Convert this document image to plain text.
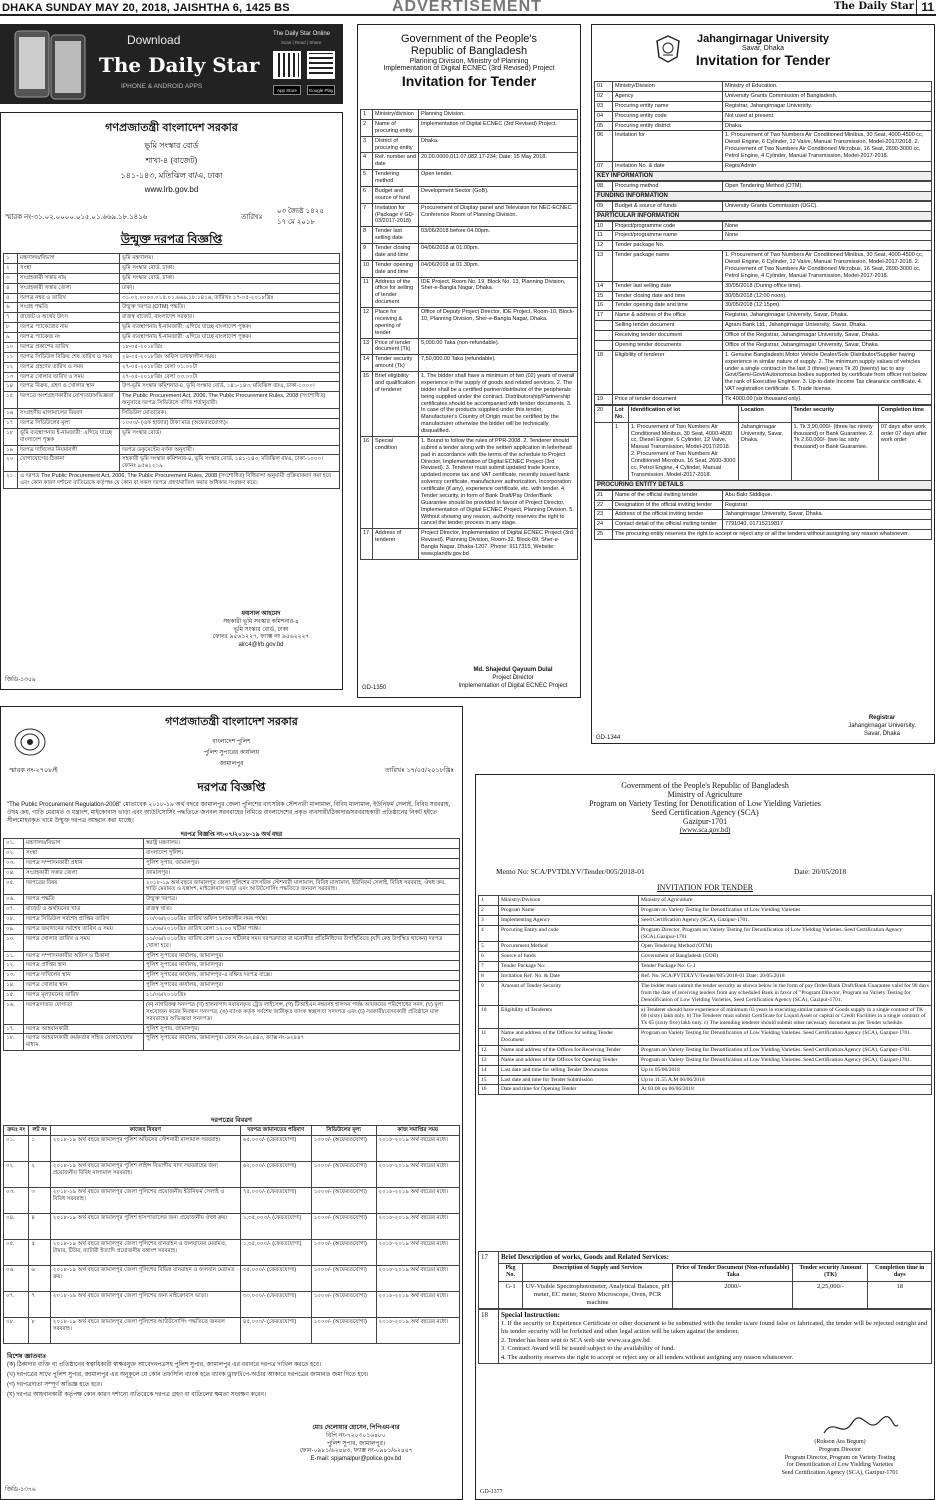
DHAKA SUNDAY MAY 20, 2018, JAISHTHA 6, 1425 BS	ADVERTISEMENT	The Daily Star 11
Download
The Daily Star
IPHONE & ANDROID APPS
The Daily Star Online
Scan | Read | Share
App Store	Google Play
গণপ্রজাতন্ত্রী বাংলাদেশ সরকার
ভূমি সংস্কার বোর্ড
শাখা-৪ (বাজেট)
১৪১-১৪৩, মতিঝিল বা/এ, ঢাকা
www.lrb.gov.bd
স্মারক নং-৩১.০২.০০০০.০১৫.০১.৬৬৯.১৮.১৪১৬	তারিখঃ
০৩ জ্যৈষ্ঠ ১৪২৫
১৭ মে ২০১৮
উন্মুক্ত দরপত্র বিজ্ঞপ্তি
১	মন্ত্রণালয়/বিভাগ	ভূমি মন্ত্রণালয়।
২	সংস্থা	ভূমি সংস্কার বোর্ড, ঢাকা।
৩	সংগ্রহকারী সত্তার নাম	ভূমি সংস্কার বোর্ড, ঢাকা।
৪	সংগ্রহকারী সত্তার জেলা	ঢাকা।
৫	দরপত্র নম্বর ও তারিখ	৩১.০২.০০০০.০১৫.০১.৬৬৯.১৮.১৪১৬, তারিখঃ ১৭-০৫-২০১৮খ্রিঃ
৬	সংগ্রহ পদ্ধতি	উন্মুক্ত দরপত্র (OTM) পদ্ধতি।
৭	বাজেট ও অর্থের উৎস	রাজস্ব বাজেট, বাংলাদেশ সরকার।
৮	দরপত্র প্যাকেজের নাম	ভূমি ব্যবস্থাপনায় ই-নামজারী: এগিয়ে যাচ্ছে বাংলাদেশ পুস্তক।
৯	দরপত্র প্যাকেজ নং	ভূমি ব্যবস্থাপনায় ই-নামজারী: এগিয়ে যাচ্ছে বাংলাদেশ পুস্তক।
১০	দরপত্র প্রকাশের তারিখ	১৮-০৫-২০১৮খ্রিঃ
১১	দরপত্র সিডিউল বিক্রির শেষ তারিখ ও সময়	২৪-০৫-২০১৮খ্রিঃ অফিস চলাকালীন সময়।
১২	দরপত্র গ্রহণের তারিখ ও সময়	২৭-০৫-২০১৮খ্রিঃ বেলা ০১.০০টা
১৩	দরপত্র খোলার তারিখ ও সময়	২৭-০৫-২০১৮খ্রিঃ বেলা ০৩.০০টা
১৪	দরপত্র বিক্রয়, গ্রহণ ও খোলার স্থান	উপ-ভূমি সংস্কার কমিশনার-৪, ভূমি সংস্কার বোর্ড, ১৪১-১৪৩, মতিঝিল বা/এ, ঢাকা-১০০০।
১৫	দরপত্রে অংশগ্রহণকারীর যোগ্যতা/অভিজ্ঞতা	The Public Procurement Act, 2006, The Public Procurement Rules, 2008 (সংশোধিত) অনুসারে দরপত্র সিডিউলে বর্ণিত শর্তানুযায়ী।
১৬	সংগ্রহণীয় মালামালের বিবরণ	সিডিউল মোতাবেক।
১৭	দরপত্র সিডিউলের মূল্য	১০০০/- (এক হাজার) টাকা মাত্র (অফেরতযোগ্য)।
১৮	ভূমি ব্যবস্থাপনায় ই-নামজারী: এগিয়ে যাচ্ছে বাংলাদেশ পুস্তক	ভূমি সংস্কার বোর্ড।
১৯	দরপত্র দাখিলের নিয়মাবলী	দরপত্র ডকুমেন্টের বর্ণনা অনুযায়ী।
২০	যোগাযোগের ঠিকানা	সহকারী ভূমি সংস্কার কমিশনার-৪, ভূমি সংস্কার বোর্ড, ১৪১-১৪৩, মতিঝিল বা/এ, ঢাকা-১০০০। ফোনঃ ৯৫৬১২১৯
২১	এ দরপত্র The Public Procurement Act, 2006, The Public Procurement Rules, 2008 (সংশোধিত) বিধিমালা অনুযায়ী প্রক্রিয়াকরণ করা হবে এবং কোন কারণ দর্শানো ব্যতিরেকে কর্তৃপক্ষ যে কোন বা সকল দরপত্র গ্রহণ/বাতিল করার অধিকার সংরক্ষণ করে।	
ফয়সাল আহমেদ
সহকারী ভূমি সংস্কার কমিশনার-৪
ভূমি সংস্কার বোর্ড, ঢাকা
ফোনঃ ৯৫৬১২২৭, ফ্যাক্স নং ৯৫৬২২২৭
alrc4@lrb.gov.bd
জিডি-১৩৫৯
Government of the People's
Republic of Bangladesh
Planning Division, Ministry of Planning
Implementation of Digital ECNEC (3rd Revised) Project
Invitation for Tender
1	Ministry/division	Planning Division.
2	Name of procuring entity	Implementation of Digital ECNEC (3rd Revised) Project.
3	District of procuring entity	Dhaka.
4	Ref. number and date	20.00.0000.011.07.082.17-234; Date: 15 May 2018.
5	Tendering method	Open tender.
6	Budget and source of fund	Development Sector (GoB).
7	Invitation for (Package # GD-03/2017-2018)	Procurement of Display panel and Television for NEC-ECNEC Conference Room of Planning Division.
8	Tender last selling date	03/06/2018 before 04.00pm.
9	Tender closing date and time	04/06/2018 at 01.00pm.
10	Tender opening date and time	04/06/2018 at 01.30pm.
11	Address of the office for selling of tender document	IDE Project, Room No. 19, Block No. 13, Planning Division, Sher-e-Bangla Nagar, Dhaka.
12	Place for receiving & opening of tender	Office of Deputy Project Director, IDE Project, Room-10, Block-10, Planning Division, Sher-e-Bangla Nagar, Dhaka.
13	Price of tender document (Tk)	5,000.00 Taka (non-refundable).
14	Tender security amount (Tk)	7,50,000.00 Taka (refundable).
15	Brief eligibility and qualification of tenderer	1. The bidder shall have a minimum of two (02) years of overall experience in the supply of goods and related services. 2. The bidder shall be a certified partner/distributor of the peripherals being supplied under the contract. Distributorship/Partnership certificates should be accompanied with tender documents. 3. In case of the products supplied under this tender, Manufacturer's Country of Origin must be certified by the manufacturer otherwise the bidder will be technically disqualified.
16	Special condition	1. Bound to follow the rules of PPR-2008. 2. Tenderer should submit a tender along with the written application in letterhead pad in accordance with the terms of the schedule to Project Director, Implementation of Digital ECNEC Project (3rd Revised). 3. Tenderer must submit updated trade licence, updated income tax and VAT certificate, recently issued bank solvency certificate, manufacturer authorization, Incorporation certificate (if any), experience certificate, etc. with tender. 4. Tender security, in form of Bank Draft/Pay Order/Bank Guarantee should be provided in favour of Project Director, Implementation of Digital ECNEC Project, Planning Division. 5. Without showing any reason, authority reserves the right to cancel the tender process in any stage.
17	Address of tenderer	Project Director, Implementation of Digital ECNEC Project (3rd Revised), Planning Division, Room-32, Block-09, Sher-e-Bangla Nagar, Dhaka-1207. Phone: 9117315, Website: www.plandiv.gov.bd
Md. Shajedul Qayuum Dulal
Project Director
Implementation of Digital ECNEC Project
GD-1350
Jahangirnagar University
Savar, Dhaka
Invitation for Tender
01	Ministry/Division	Ministry of Education.
02	Agency	University Grants Commission of Bangladesh.
03	Procuring entity name	Registrar, Jahangirnagar University.
04	Procuring entity code	Not used at present.
05	Procuring entity district	Dhaka.
06	Invitation for	1. Procurement of Two Numbers Air Conditioned Minibus, 30 Seat, 4000-4500 cc, Diesel Engine, 6 Cylinder, 12 Valve, Manual Transmission, Model-2017/2018. 2. Procurement of Two Numbers Air Conditioned Microbus, 16 Seat, 2600-3000 cc, Petrol Engine, 4 Cylinder, Manual Transmission, Model-2017-2018.
07	Invitation No. & date	Regis/Admin
KEY INFORMATION
08	Procuring method	Open Tendering Method (OTM).
FUNDING INFORMATION
09	Budget & source of funds	University Grants Commission (UGC).
PARTICULAR INFORMATION
10	Project/programme code	None
11	Project/programme name	None
12	Tender package No.	
13	Tender package name	1. Procurement of Two Numbers Air Conditioned Minibus, 30 Seat, 4000-4500 cc, Diesel Engine, 6 Cylinder, 12 Valve, Manual Transmission, Model-2017-2018. 2. Procurement of Two Numbers Air Conditioned Microbus, 16 Seat, 2600-3000 cc, Petrol Engine, 4 Cylinder, Manual Transmission, Model-2017-2018.
14	Tender last selling date	30/05/2018 (During office time).
15	Tender closing date and time	30/05/2018 (12:00 noon).
16	Tender opening date and time	30/05/2018 (12:15pm).
17	Name & address of the office	Registrar, Jahangirnagar University, Savar, Dhaka.
	Selling tender document	Agrani Bank Ltd., Jahangirnagar University, Savar, Dhaka.
	Receiving tender document	Office of the Registrar, Jahangirnagar University, Savar, Dhaka.
	Opening tender documents	Office of the Registrar, Jahangirnagar University, Savar, Dhaka.
18	Eligibility of tenderer	1. Genuine Bangladeshi Motor Vehicle Dealer/Sole Distributor/Supplier having experience in similar nature of supply. 2. The minimum supply values of vehicles under a single contract in the last 3 (three) years Tk 20 (twenty) lac to any Govt/Semi-Govt/Autonomous bodies supported by certificate from officer not below the rank of Executive Engineer. 3. Up-to-date Income Tax clearance certificate. 4. VAT registration certificate. 5. Trade license.
19	Price of tender document	Tk 4000.00 (six thousand only).
20	Lot No.	Identification of lot	Location	Tender security	Completion time
	1	1. Procurement of Two Numbers Air Conditioned Minibus, 30 Seat, 4000-4500 cc, Diesel Engine, 6 Cylinder, 12 Valve, Manual Transmission, Model-2017/2018. 2. Procurement of Two Numbers Air Conditioned Microbus, 16 Seat, 2600-3000 cc, Petrol Engine, 4 Cylinder, Manual Transmission, Model-2017-2018.	Jahangirnagar University, Savar, Dhaka.	1. Tk 3,90,000/- (three lac ninety thousand) or Bank Guarantee. 2. Tk 2,60,000/- (two lac sixty thousand) or Bank Guarantee.	07 days after work order 07 days after work order
PROCURING ENTITY DETAILS
21	Name of the official inviting tender	Abu Bakr Siddique.
22	Designation of the official inviting tender	Registrar
23	Address of the official inviting tender	Jahangirnagar University, Savar, Dhaka.
24	Contact detail of the official inviting tender	7791040, 01715219817
25	The procuring entity reserves the right to accept or reject any or all the tenders without assigning any reason whatsoever.	
Registrar
Jahangirnagar University,
Savar, Dhaka
GD-1344
গণপ্রজাতন্ত্রী বাংলাদেশ সরকার
বাংলাদেশ পুলিশ
পুলিশ সুপারের কার্যালয়
জামালপুর
স্মারক নং-২৭০৮/ই	তারিখঃ ১৭/০৫/২০১৮খ্রিঃ
দরপত্র বিজ্ঞপ্তি
"The Public Procurement Regulation-2008" মোতাবেক ২০১৮-১৯ অর্থ বছরে জামালপুর জেলা পুলিশের বাৎসরিক স্টেশনারী মালামাল, বিবিধ মালামাল, ইউনিফর্ম সেলাই, বিবিধ সরবরাহ, ঔষধ ক্রয়, গাড়ি মেরামত ও যন্ত্রাংশ, মাইকোবাস ভাড়া এবং আউটসোর্সিং পদ্ধতিতে জনবল সরবরাহের নিমিত্তে বাংলাদেশের প্রকৃত ব্যবসায়ী/ঠিকাদার/সরবরাহকারী প্রতিষ্ঠানের নিকট হইতে সীলমোহরকৃত খামে উন্মুক্ত দরপত্র আহ্বান করা যাচ্ছে।
দরপত্র বিজ্ঞপ্তি নং-০৭/২০১৮-১৯ অর্থ বছর
০১.	মন্ত্রণালয়/বিভাগ	স্বরাষ্ট্র মন্ত্রণালয়।
০২.	সংস্থা	বাংলাদেশ পুলিশ।
০৩.	দরপত্র সম্পাদনকারী প্রধান	পুলিশ সুপার, জামালপুর।
০৪.	সংগ্রহকারী সত্তার জেলা	জামালপুর।
০৫.	দরপত্রের বিষয়	২০১৮-১৯ অর্থ বছরে জামালপুর জেলা পুলিশের বাৎসরিক স্টেশনারী মালামাল, বিবিধ মালামাল, ইউনিফর্ম সেলাই, বিবিধ সরবরাহ, ঔষধ ক্রয়, গাড়ি মেরামত ও যন্ত্রাংশ, মাইক্রোবাস ভাড়া এবং আউটসোর্সিং পদ্ধতিতে জনবল সরবরাহ।
০৬.	দরপত্র পদ্ধতি	উন্মুক্ত দরপত্র।
০৭.	বাজেট ও অর্থায়নের খাত	রাজস্ব খাত।
০৮.	দরপত্র সিডিউল সর্বশেষ প্রাপ্তির তারিখ	১০/০৬/২০১৮খ্রিঃ তারিখ অফিস চলাকালীন সময় পর্যন্ত।
০৯.	দরপত্র জমাদানের সর্বশেষ তারিখ ও সময়	১১/০৬/২০১৮খ্রিঃ তারিখ বেলা ১২.০০ ঘটিকা পর্যন্ত।
১০.	দরপত্র খোলার তারিখ ও সময়	১১/০৬/২০১৮খ্রিঃ তারিখ বেলা ১২.৩০ ঘটিকার সময় দরপত্রদাতা বা মনোনীত প্রতিনিধিদের উপস্থিতিতে (যদি কেহ উপস্থিত থাকেন) দরপত্র খোলা হবে।
১১.	দরপত্র সম্পাদনকারীর অফিস ও ঠিকানা	পুলিশ সুপারের কার্যালয়, জামালপুর।
১২.	দরপত্র প্রাপ্তির স্থান	পুলিশ সুপারের কার্যালয়, জামালপুর।
১৩.	দরপত্র দাখিলের স্থান	পুলিশ সুপারের কার্যালয়, জামালপুর-এ রক্ষিত দরপত্র বাক্সে।
১৪.	দরপত্র খোলার স্থান	পুলিশ সুপারের কার্যালয়, জামালপুর।
১৫.	দরপত্র মূল্যায়নের তারিখ	১১/০৬/২০১৮খ্রিঃ
১৬.	দরপত্রদাতার যোগ্যতা	(ক) নাগরিকত্ব সনদপত্র (খ) হালনাগাদ নবায়নকৃত ট্রেড লাইসেন্স, (গ) টিআইএন নম্বরসহ হালসন পর্যন্ত আয়করের পরিশোধের সনদ, (ঘ) মূল্য সংযোজন করের নিবন্ধন সনদপত্র, (ঙ) ব্যাংক কর্তৃক সর্বশেষ জারীকৃত ব্যাংক স্বচ্ছলতা সনদপত্র এবং (চ) সরকারী/বেসরকারী প্রতিষ্ঠানে মাল সরবরাহের অভিজ্ঞতা সনদপত্র।
১৭.	দরপত্র আহবানকারী	পুলিশ সুপার, জামালপুর।
১৮.	দরপত্র আহবানকারী কর্মকর্তার সহিত যোগাযোগের মাধ্যম	পুলিশ সুপারের কার্যালয়, জামালপুর। ফোন নং-৬২৪৪৩, ফ্যাক্স নং-৬২৪৪৭
দরপত্রের বিবরণ
ক্রমঃ নং	লট নং	কাজের বিবরণ	দরপত্র জামানতের পরিমাণ	সিডিউলের মূল্য	কাজ সমাপ্তির সময়
০১.	১	২০১৮-১৯ অর্থ বছরে জামালপুর পুলিশ অফিসের স্টেশনারী মালামাল সরবরাহ।	৬৫,০০০/- (ফেরতযোগ্য)	১০০০/- (অফেরতযোগ্য)	২০১৮-২০১৯ অর্থ বছরের মধ্যে।
০২.	২	২০১৮-১৯ অর্থ বছরে জামালপুর পুলিশ লাইন্স বিভাগীয় খাদ্য সরবরাহের জন্য প্রয়োজনীয় বিবিধ মালামাল সরবরাহ।	৬২,০০০/- (ফেরতযোগ্য)	১০০০/- (অফেরতযোগ্য)	২০১৮-২০১৯ অর্থ বছরের মধ্যে।
০৩.	৩	২০১৮-১৯ অর্থ বছরে জামালপুর জেলা পুলিশের প্রয়োজনীয় ইউনিফর্ম সেলাই ও বিবিধ সরবরাহ।	৭৫,০০০/- (ফেরতযোগ্য)	১০০০/- (অফেরতযোগ্য)	২০১৮-২০১৯ অর্থ বছরের মধ্যে।
০৪.	৪	২০১৮-১৯ অর্থ বছরে জামালপুর পুলিশ হাসপাতালের জন্য প্রয়োজনীয় ঔষধ ক্রয়।	১,৩৫,০০০/- (ফেরতযোগ্য)	১০০০/- (অফেরতযোগ্য)	২০১৮-২০১৯ অর্থ বছরের মধ্যে।
০৫.	৫	২০১৮-১৯ অর্থ বছরে জামালপুর জেলা পুলিশের যানবাহন ও জলযানের মেরামত, টায়ার, টিউব, ব্যাটারী ইত্যাদি প্রয়োজনীয় যন্ত্রাংশ সরবরাহ।	১,৩৫,০০০/- (ফেরতযোগ্য)	১০০০/- (অফেরতযোগ্য)	২০১৮-২০১৯ অর্থ বছরের মধ্যে।
০৬.	৬	২০১৮-১৯ অর্থ বছরে জামালপুর জেলা পুলিশের বিভিন্ন যানবাহন ও জলযান মেরামত ক্রয়।	৩৫,০০০/- (ফেরতযোগ্য)	১০০০/- (অফেরতযোগ্য)	২০১৮-২০১৯ অর্থ বছরের মধ্যে।
০৭.	৭	২০১৮-১৯ অর্থ বছরে জামালপুর জেলা পুলিশের জন্য মাইক্রোবাস ভাড়া।	৩০,০০০/- (ফেরতযোগ্য)	১০০০/- (অফেরতযোগ্য)	২০১৮-২০১৯ অর্থ বছরের মধ্যে।
০৮.	৮	২০১৮-১৯ অর্থ বছরে জামালপুর জেলা পুলিশের আউটসোর্সিং পদ্ধতিতে জনবল সরবরাহ।	৪৫,০০০/- (ফেরতযোগ্য)	১০০০/- (অফেরতযোগ্য)	২০১৮-২০১৯ অর্থ বছরের মধ্যে।
বিশেষ জ্ঞাতব্যঃ
(ক) ঠিকাদার ব্যক্তি বা প্রতিষ্ঠানের স্বত্বাধিকারী স্বাক্ষরযুক্ত আবেদনপত্রসহ পুলিশ সুপার, জামালপুর এর বরাবরে দরপত্র দাখিল করতে হবে।
(খ) দরপত্রের সাথে পুলিশ সুপার, জামালপুর এর অনুকূলে যে কোন তফসিলি ব্যাংক হতে ব্যাংক ড্রাফট/পে-অর্ডার আকারে দরপত্রের জামানত জমা দিতে হবে।
(গ) দরপত্রদাতা সম্পূর্ণ অভিজ্ঞ হতে হবে।
(ঘ) দরপত্র আহবানকারী কর্তৃপক্ষ কোন কারণ দর্শানো ব্যতিরেকে দরপত্র গ্রহণ বা বাতিলের ক্ষমতা সংরক্ষণ করেন।
মোঃ দেলোয়ার হোসেন, পিপিএম-বার
বিপি নং-৭২০৩০১৬৪৮০
পুলিশ সুপার, জামালপুর।
ফোন-০৯৮১/৬২৪৪৩, ফ্যাক্স নং-০৯৮১/৬২৪৪৭
E-mail: spjamalpur@police.gov.bd
জিডি-১৩৭৬
Government of the People's Republic of Bangladesh
Ministry of Agriculture
Program on Variety Testing for Denotification of Low Yielding Varieties
Seed Certification Agency (SCA)
Gazipur-1701
(www.sca.gov.bd)
Memo No: SCA/PVTDLYV/Tender/005/2018-01	Date: 20/05/2018
INVITATION FOR TENDER
1	Ministry/Division	Ministry of Agriculture
2	Program Name	Program on Variety Testing for Denotification of Low Yielding Varieties
3	Implementing Agency	Seed Certification Agency (SCA), Gazipur-1701.
4	Procuring Entity and code	Program Director, Program on Variety Testing for Denotification of Low Yielding Varieties. Seed Certification Agency (SCA),Gazipur-1701
5	Procurement Method	Open Tendering Method (OTM)
6	Source of funds	Government of Bangladesh (GOB)
7	Tender Package No:	Tender Package No: G-1
8	Invitation Ref. No. & Date	Ref. No. SCA/PVTDLYV/Tender/005/2018-01 Date: 20/05/2018
9	Amount of Tender Security	The bidder must submit the tender security as shown below in the form of pay Order/Bank Draft/Bank Guarantee valid for 90 days from the date of receiving tenders from any scheduled Bank in favor of "Program Director, Program on Variety Testing for Denotification of Low Yielding Varieties, Seed Certification Agency (SCA), Gazipur-1701.
10	Eligibility of Tenderers	a) Tenderer should have experience of minimum 03 years in executing similar nature of Goods supply in a single contract of TK 60 (sixty) lakh only. b) The Tenderer must submit Certificate for Liquid Asset or capital or Credit Facilities in a single contract of Tk 65 (sixty five) lakh only. c) The intending tenderer should submit other necessary document as per Tender schedule.
11	Name and address of the Offices for selling Tender Document	Program on Variety Testing for Denotification of Low Yielding Varieties. Seed Certification Agency (SCA), Gazipur-1701.
12	Name and address of the Offices for Receiving Tender	Program on Variety Testing for Denotification of Low Yielding Varieties. Seed Certification Agency (SCA), Gazipur-1701.
13	Name and address of the Offices for Opening Tender	Program on Variety Testing for Denotification of Low Yielding Varieties. Seed Certification Agency (SCA), Gazipur-1701.
14	Last date and time for selling Tender Documents	Up to 05/06/2018
15	Last date and time for Tender Submission	Up to 11.55 A.M 06/06/2018
16	Date and time for Opening Tender	At 03:00 on 06/06/2018
17	Brief Description of works, Goods and Related Services:				
	Pkg No.	Description of Supply and Services	Price of Tender Document (Non-refundable) Taka	Tender security Amount (TK)	Completion time in days
	G-1	UV-Visible Spectrophotometer, Analytical Balance, pH meter, EC meter, Stereo Microscope, Oven, PCR machine	2000/-	2,25,000/-	18
18	Special Instruction:
1. If the security or Experience Certificate or other document to be submitted with the tender is/are found false or fabricated, the tender will be rejected outright and his tender security will be forfeited and other legal action will be taken against the tenderer.
2. Tender has been sent to SCA web site www.sca.gov.bd
3. Contract Award will be issued subject to the availability of fund.
4. The authority reserves the right to accept or reject any or all tenders without assigning any reason whatsoever.
(Rokson Ara Begum)
Program Director
Program Director, Program on Variety Testing
for Denotification of Low Yielding Varieties
Seed Certification Agency (SCA), Gazipur-1701
GD-1377
